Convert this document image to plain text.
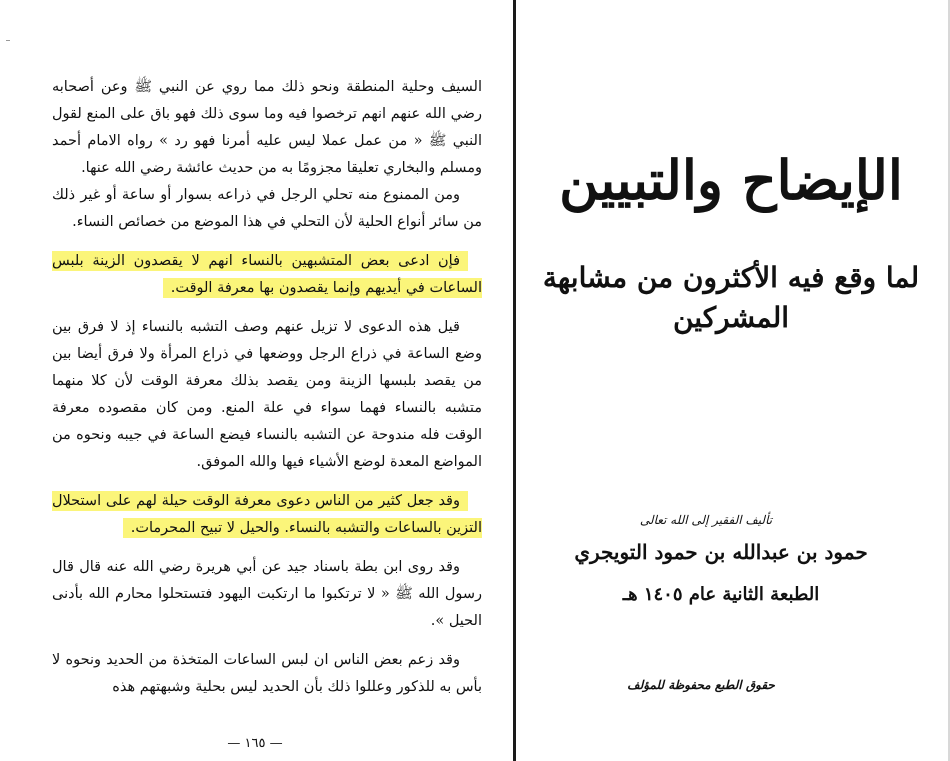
السيف وحلية المنطقة ونحو ذلك مما روي عن النبي ﷺ وعن أصحابه رضي الله عنهم انهم ترخصوا فيه وما سوى ذلك فهو باق على المنع لقول النبي ﷺ « من عمل عملا ليس عليه أمرنا فهو رد » رواه الامام أحمد ومسلم والبخاري تعليقا مجزومًا به من حديث عائشة رضي الله عنها.

ومن الممنوع منه تحلي الرجل في ذراعه بسوار أو ساعة أو غير ذلك من سائر أنواع الحلية لأن التحلي في هذا الموضع من خصائص النساء.

فإن ادعى بعض المتشبهين بالنساء انهم لا يقصدون الزينة بلبس الساعات في أيديهم وإنما يقصدون بها معرفة الوقت.

قيل هذه الدعوى لا تزيل عنهم وصف التشبه بالنساء إذ لا فرق بين وضع الساعة في ذراع الرجل ووضعها في ذراع المرأة ولا فرق أيضا بين من يقصد بلبسها الزينة ومن يقصد بذلك معرفة الوقت لأن كلا منهما متشبه بالنساء فهما سواء في علة المنع. ومن كان مقصوده معرفة الوقت فله مندوحة عن التشبه بالنساء فيضع الساعة في جيبه ونحوه من المواضع المعدة لوضع الأشياء فيها والله الموفق.

وقد جعل كثير من الناس دعوى معرفة الوقت حيلة لهم على استحلال التزين بالساعات والتشبه بالنساء. والحيل لا تبيح المحرمات.

وقد روى ابن بطة باسناد جيد عن أبي هريرة رضي الله عنه قال قال رسول الله ﷺ « لا ترتكبوا ما ارتكبت اليهود فتستحلوا محارم الله بأدنى الحيل ».

وقد زعم بعض الناس ان لبس الساعات المتخذة من الحديد ونحوه لا بأس به للذكور وعللوا ذلك بأن الحديد ليس بحلية وشبهتهم هذه

— ١٦٥ —
الإيضاح والتبيين
لما وقع فيه الأكثرون من مشابهة المشركين
تأليف الفقير إلى الله تعالى
حمود بن عبدالله بن حمود التويجري
الطبعة الثانية عام ١٤٠٥ هـ
حقوق الطبع محفوظة للمؤلف
